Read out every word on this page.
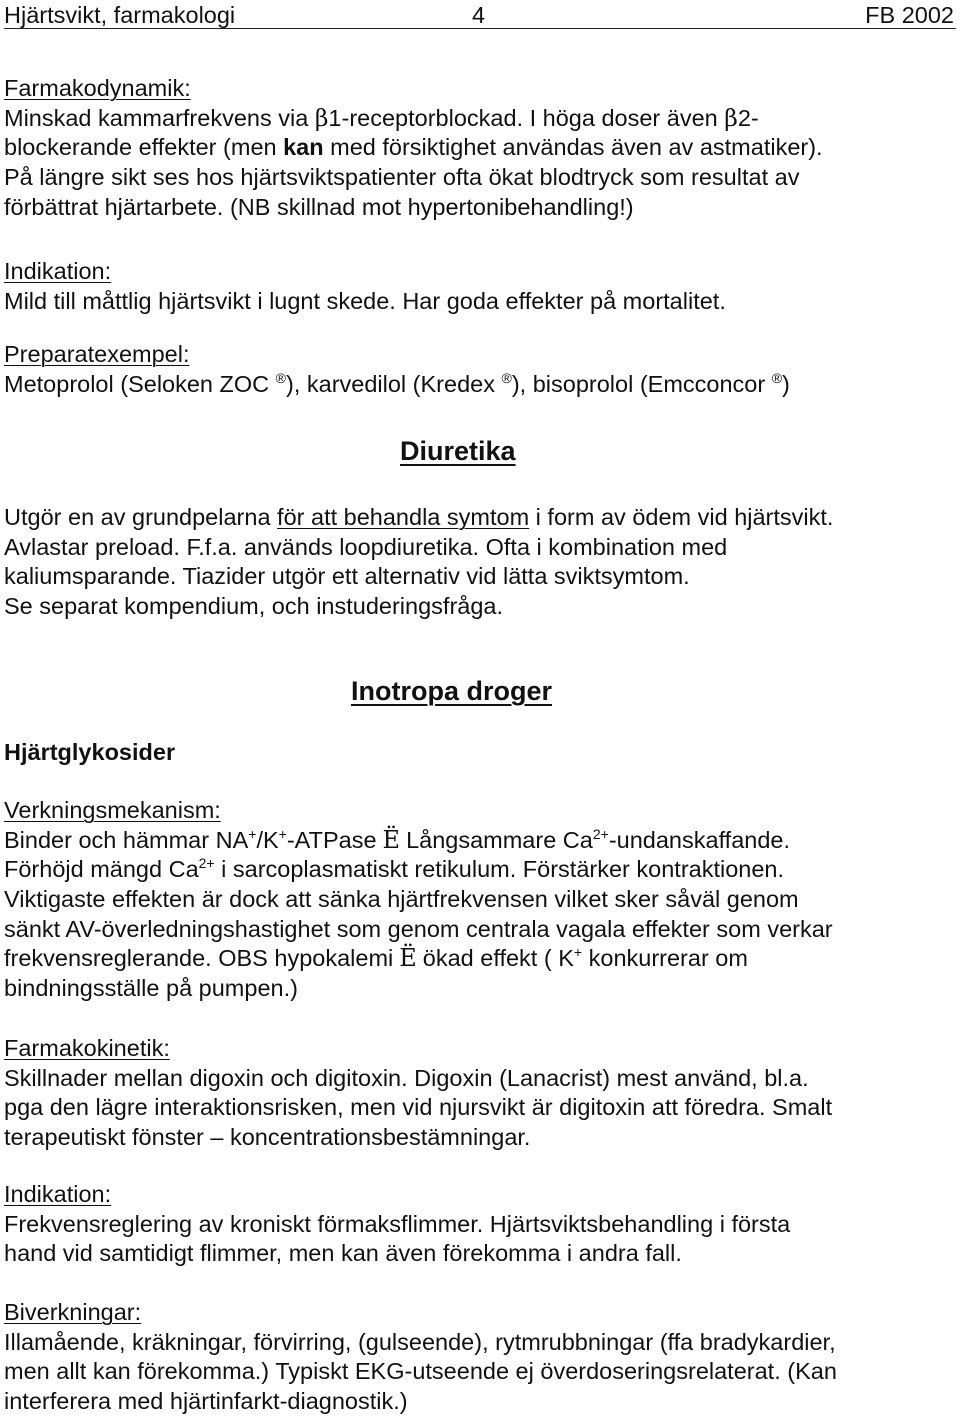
Hjärtsvikt, farmakologi	4	FB 2002
Farmakodynamik:
Minskad kammarfrekvens via β1-receptorblockad. I höga doser även β2-
blockerande effekter (men kan med försiktighet användas även av astmatiker).
På längre sikt ses hos hjärtsviktspatienter ofta ökat blodtryck som resultat av
förbättrat hjärtarbete. (NB skillnad mot hypertonibehandling!)
Indikation:
Mild till måttlig hjärtsvikt i lugnt skede. Har goda effekter på mortalitet.
Preparatexempel:
Metoprolol (Seloken ZOC ®), karvedilol (Kredex ®), bisoprolol (Emcconcor ®)
Diuretika
Utgör en av grundpelarna för att behandla symtom i form av ödem vid hjärtsvikt.
Avlastar preload. F.f.a. används loopdiuretika. Ofta i kombination med
kaliumsparande. Tiazider utgör ett alternativ vid lätta sviktsymtom.
Se separat kompendium, och instuderingsfråga.
Inotropa droger
Hjärtglykosider
Verkningsmekanism:
Binder och hämmar NA+/K+-ATPase Ë Långsammare $Ca^{2+}$-undanskaffande.
Förhöjd mängd $Ca^{2+}$ i sarcoplasmatiskt retikulum. Förstärker kontraktionen.
Viktigaste effekten är dock att sänka hjärtfrekvensen vilket sker såväl genom
sänkt AV-överledningshastighet som genom centrala vagala effekter som verkar
frekvensreglerande. OBS hypokalemi Ë ökad effekt ( K+ konkurrerar om
bindningsställe på pumpen.)
Farmakokinetik:
Skillnader mellan digoxin och digitoxin. Digoxin (Lanacrist) mest använd, bl.a.
pga den lägre interaktionsrisken, men vid njursvikt är digitoxin att föredra. Smalt
terapeutiskt fönster – koncentrationsbestämningar.
Indikation:
Frekvensreglering av kroniskt förmaksflimmer. Hjärtsviktsbehandling i första
hand vid samtidigt flimmer, men kan även förekomma i andra fall.
Biverkningar:
Illamående, kräkningar, förvirring, (gulseende), rytmrubbningar (ffa bradykardier,
men allt kan förekomma.) Typiskt EKG-utseende ej överdoseringsrelaterat. (Kan
interferera med hjärtinfarkt-diagnostik.)
